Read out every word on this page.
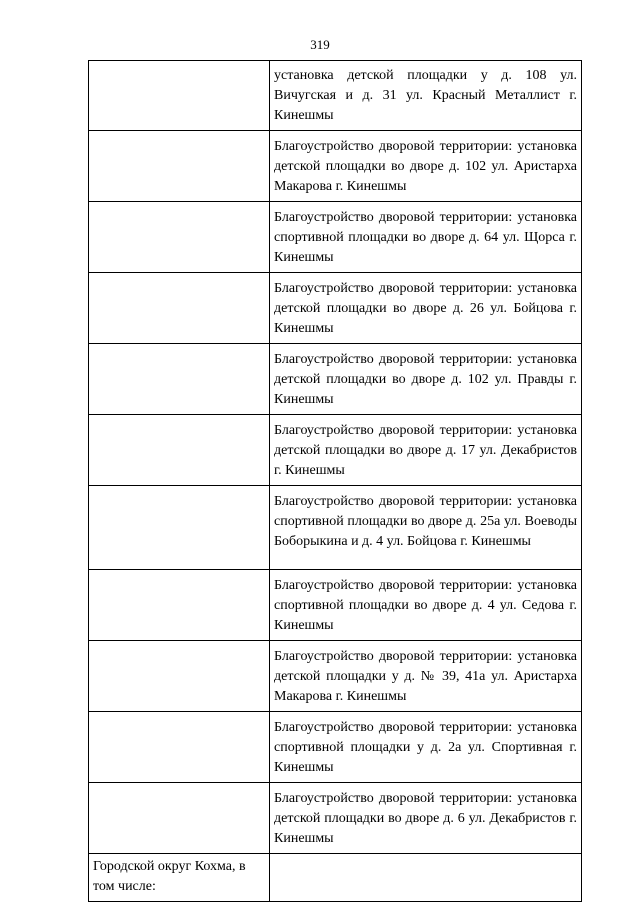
319
	установка детской площадки у д. 108 ул. Вичугская и д. 31 ул. Красный Металлист г. Кинешмы
	Благоустройство дворовой территории: установка детской площадки во дворе д. 102 ул. Аристарха Макарова г. Кинешмы
	Благоустройство дворовой территории: установка спортивной площадки во дворе д. 64 ул. Щорса г. Кинешмы
	Благоустройство дворовой территории: установка детской площадки во дворе д. 26 ул. Бойцова г. Кинешмы
	Благоустройство дворовой территории: установка детской площадки во дворе д. 102 ул. Правды г. Кинешмы
	Благоустройство дворовой территории: установка детской площадки во дворе д. 17 ул. Декабристов г. Кинешмы
	Благоустройство дворовой территории: установка спортивной площадки во дворе д. 25а ул. Воеводы Боборыкина и д. 4 ул. Бойцова г. Кинешмы
	Благоустройство дворовой территории: установка спортивной площадки во дворе д. 4 ул. Седова г. Кинешмы
	Благоустройство дворовой территории: установка детской площадки у д. № 39, 41а ул. Аристарха Макарова г. Кинешмы
	Благоустройство дворовой территории: установка спортивной площадки у д. 2а ул. Спортивная г. Кинешмы
	Благоустройство дворовой территории: установка детской площадки во дворе д. 6 ул. Декабристов г. Кинешмы
Городской округ Кохма, в том числе:	
